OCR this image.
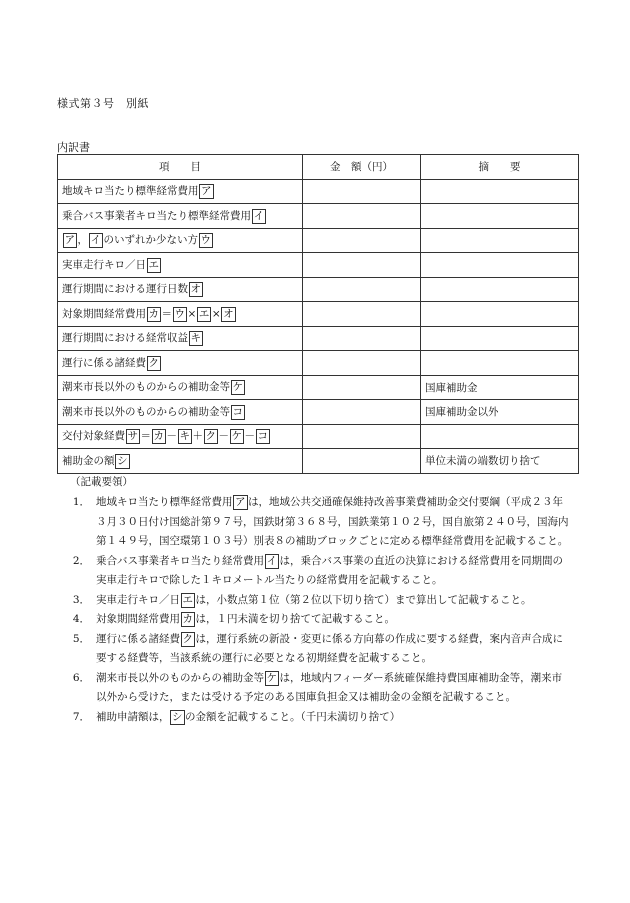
様式第３号　別紙
内訳書
項　　目	金　額（円）	摘　　要
地域キロ当たり標準経常費用 ア		
乗合バス事業者キロ当たり標準経常費用 イ		
ア ， イ のいずれか少ない方 ウ		
実車走行キロ／日 エ		
運行期間における運行日数 オ		
対象期間経常費用 カ ＝ ウ × エ × オ		
運行期間における経常収益 キ		
運行に係る諸経費 ク		
潮来市長以外のものからの補助金等 ケ		国庫補助金
潮来市長以外のものからの補助金等 コ		国庫補助金以外
交付対象経費 サ ＝ カ － キ ＋ ク － ケ － コ		
補助金の額 シ		単位未満の端数切り捨て
（記載要領）
1． 地域キロ当たり標準経常費用 ア は，地域公共交通確保維持改善事業費補助金交付要綱（平成２３年３月３０日付け国総計第９７号，国鉄財第３６８号，国鉄業第１０２号，国自旅第２４０号，国海内第１４９号，国空環第１０３号）別表８の補助ブロックごとに定める標準経常費用を記載すること。
2． 乗合バス事業者キロ当たり経常費用 イ は，乗合バス事業の直近の決算における経常費用を同期間の実車走行キロで除した１キロメートル当たりの経常費用を記載すること。
3． 実車走行キロ／日 エ は，小数点第１位（第２位以下切り捨て）まで算出して記載すること。
4． 対象期間経常費用 カ は，１円未満を切り捨てて記載すること。
5． 運行に係る諸経費 ク は，運行系統の新設・変更に係る方向幕の作成に要する経費，案内音声合成に要する経費等，当該系統の運行に必要となる初期経費を記載すること。
6． 潮来市長以外のものからの補助金等 ケ は，地域内フィーダー系統確保維持費国庫補助金等，潮来市以外から受けた，または受ける予定のある国庫負担金又は補助金の金額を記載すること。
7． 補助申請額は， シ の金額を記載すること。（千円未満切り捨て）
